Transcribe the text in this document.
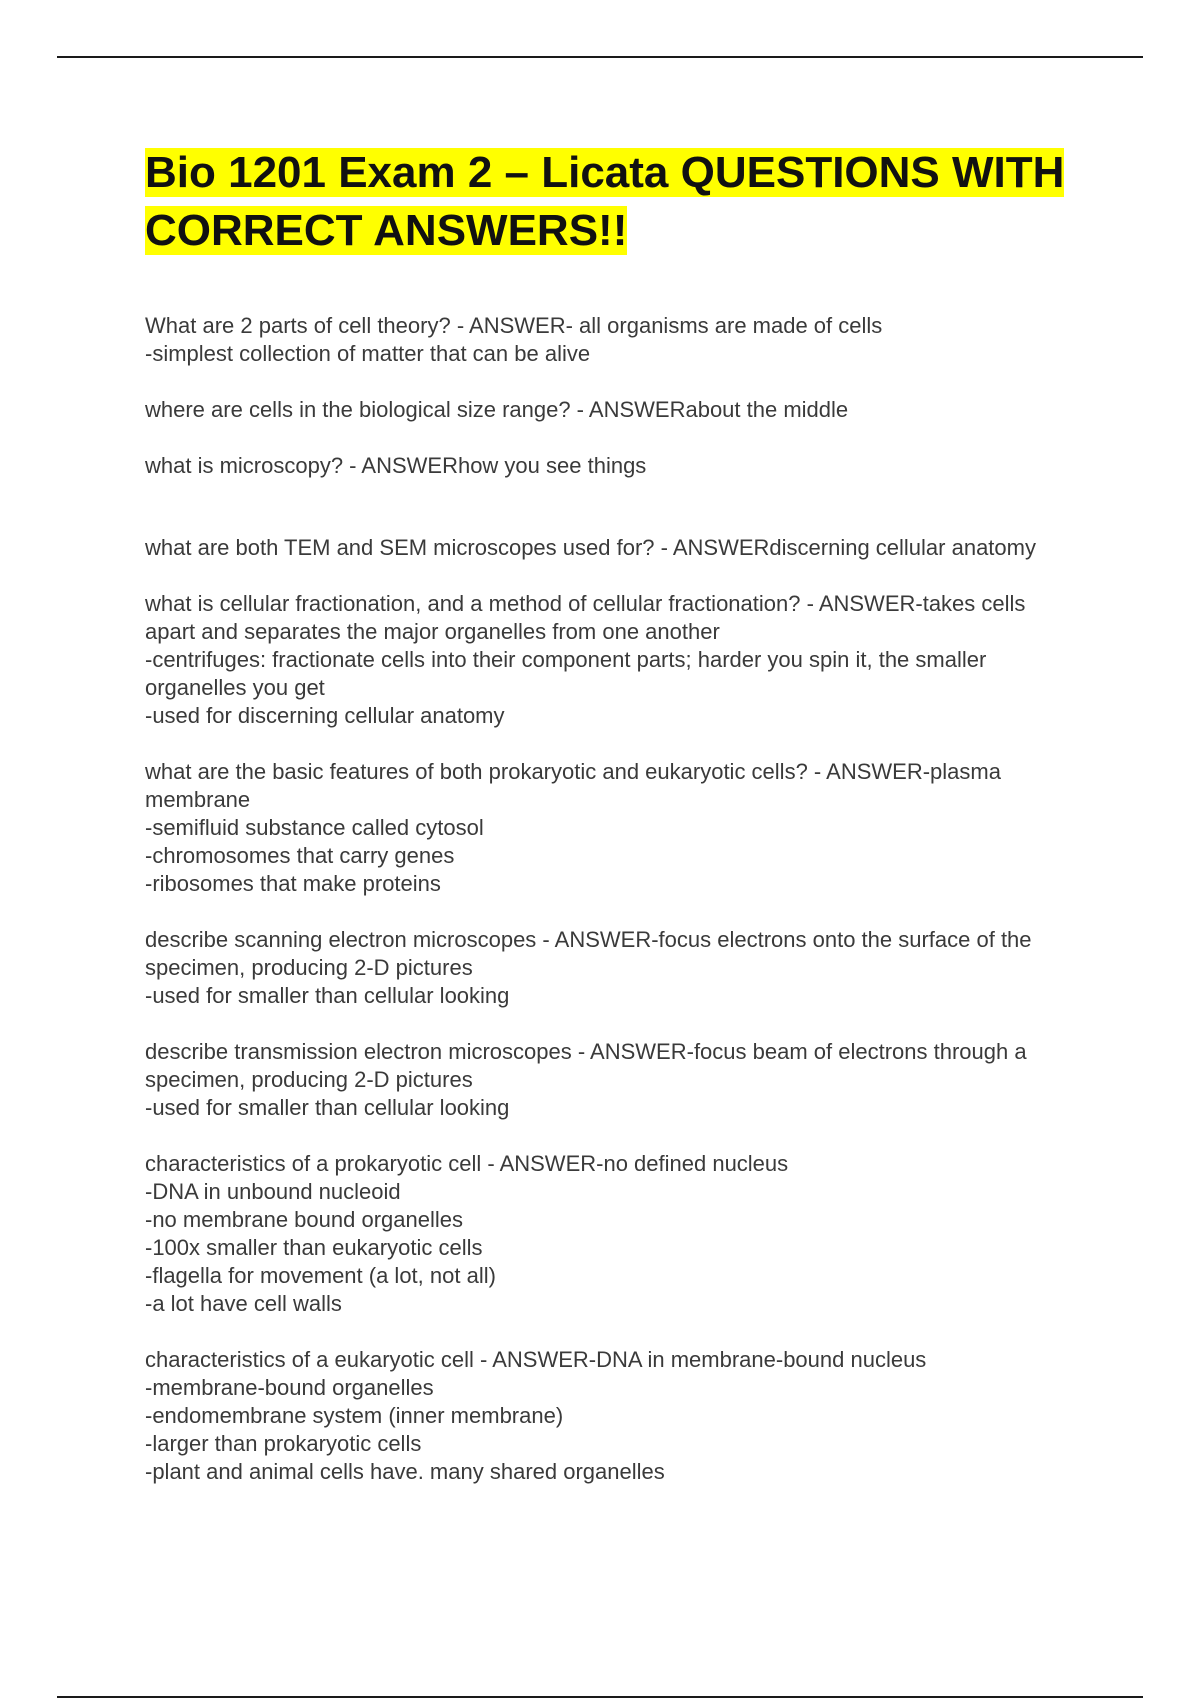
Bio 1201 Exam 2 – Licata QUESTIONS WITH CORRECT ANSWERS!!

What are 2 parts of cell theory? - ANSWER- all organisms are made of cells
-simplest collection of matter that can be alive

where are cells in the biological size range? - ANSWERabout the middle

what is microscopy? - ANSWERhow you see things

what are both TEM and SEM microscopes used for? - ANSWERdiscerning cellular anatomy

what is cellular fractionation, and a method of cellular fractionation? - ANSWER-takes cells apart and separates the major organelles from one another
-centrifuges: fractionate cells into their component parts; harder you spin it, the smaller organelles you get
-used for discerning cellular anatomy

what are the basic features of both prokaryotic and eukaryotic cells? - ANSWER-plasma membrane
-semifluid substance called cytosol
-chromosomes that carry genes
-ribosomes that make proteins

describe scanning electron microscopes - ANSWER-focus electrons onto the surface of the specimen, producing 2-D pictures
-used for smaller than cellular looking

describe transmission electron microscopes - ANSWER-focus beam of electrons through a specimen, producing 2-D pictures
-used for smaller than cellular looking

characteristics of a prokaryotic cell - ANSWER-no defined nucleus
-DNA in unbound nucleoid
-no membrane bound organelles
-100x smaller than eukaryotic cells
-flagella for movement (a lot, not all)
-a lot have cell walls

characteristics of a eukaryotic cell - ANSWER-DNA in membrane-bound nucleus
-membrane-bound organelles
-endomembrane system (inner membrane)
-larger than prokaryotic cells
-plant and animal cells have. many shared organelles
